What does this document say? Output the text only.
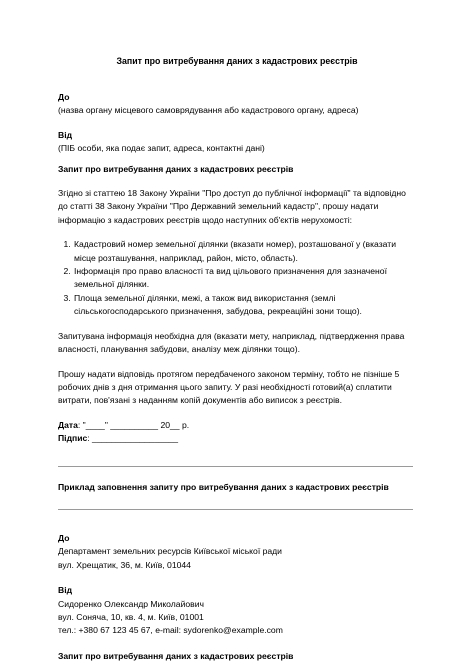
Запит про витребування даних з кадастрових реєстрів

До

(назва органу місцевого самоврядування або кадастрового органу, адреса)

Від

(ПІБ особи, яка подає запит, адреса, контактні дані)

Запит про витребування даних з кадастрових реєстрів

Згідно зі статтею 18 Закону України "Про доступ до публічної інформації" та відповідно

до статті 38 Закону України "Про Державний земельний кадастр", прошу надати

інформацію з кадастрових реєстрів щодо наступних об'єктів нерухомості:

1. Кадастровий номер земельної ділянки (вказати номер), розташованої у (вказати
місце розташування, наприклад, район, місто, область).
2. Інформація про право власності та вид цільового призначення для зазначеної
земельної ділянки.
3. Площа земельної ділянки, межі, а також вид використання (землі
сільськогосподарського призначення, забудова, рекреаційні зони тощо).

Запитувана інформація необхідна для (вказати мету, наприклад, підтвердження права

власності, планування забудови, аналізу меж ділянки тощо).

Прошу надати відповідь протягом передбаченого законом терміну, тобто не пізніше 5

робочих днів з дня отримання цього запиту. У разі необхідності готовий(а) сплатити

витрати, пов'язані з наданням копій документів або виписок з реєстрів.

Дата: "____" __________ 20__ р.

Підпис: __________________

Приклад заповнення запиту про витребування даних з кадастрових реєстрів

До

Департамент земельних ресурсів Київської міської ради

вул. Хрещатик, 36, м. Київ, 01044

Від

Сидоренко Олександр Миколайович

вул. Соняча, 10, кв. 4, м. Київ, 01001

тел.: +380 67 123 45 67, e-mail: sydorenko@example.com

Запит про витребування даних з кадастрових реєстрів
